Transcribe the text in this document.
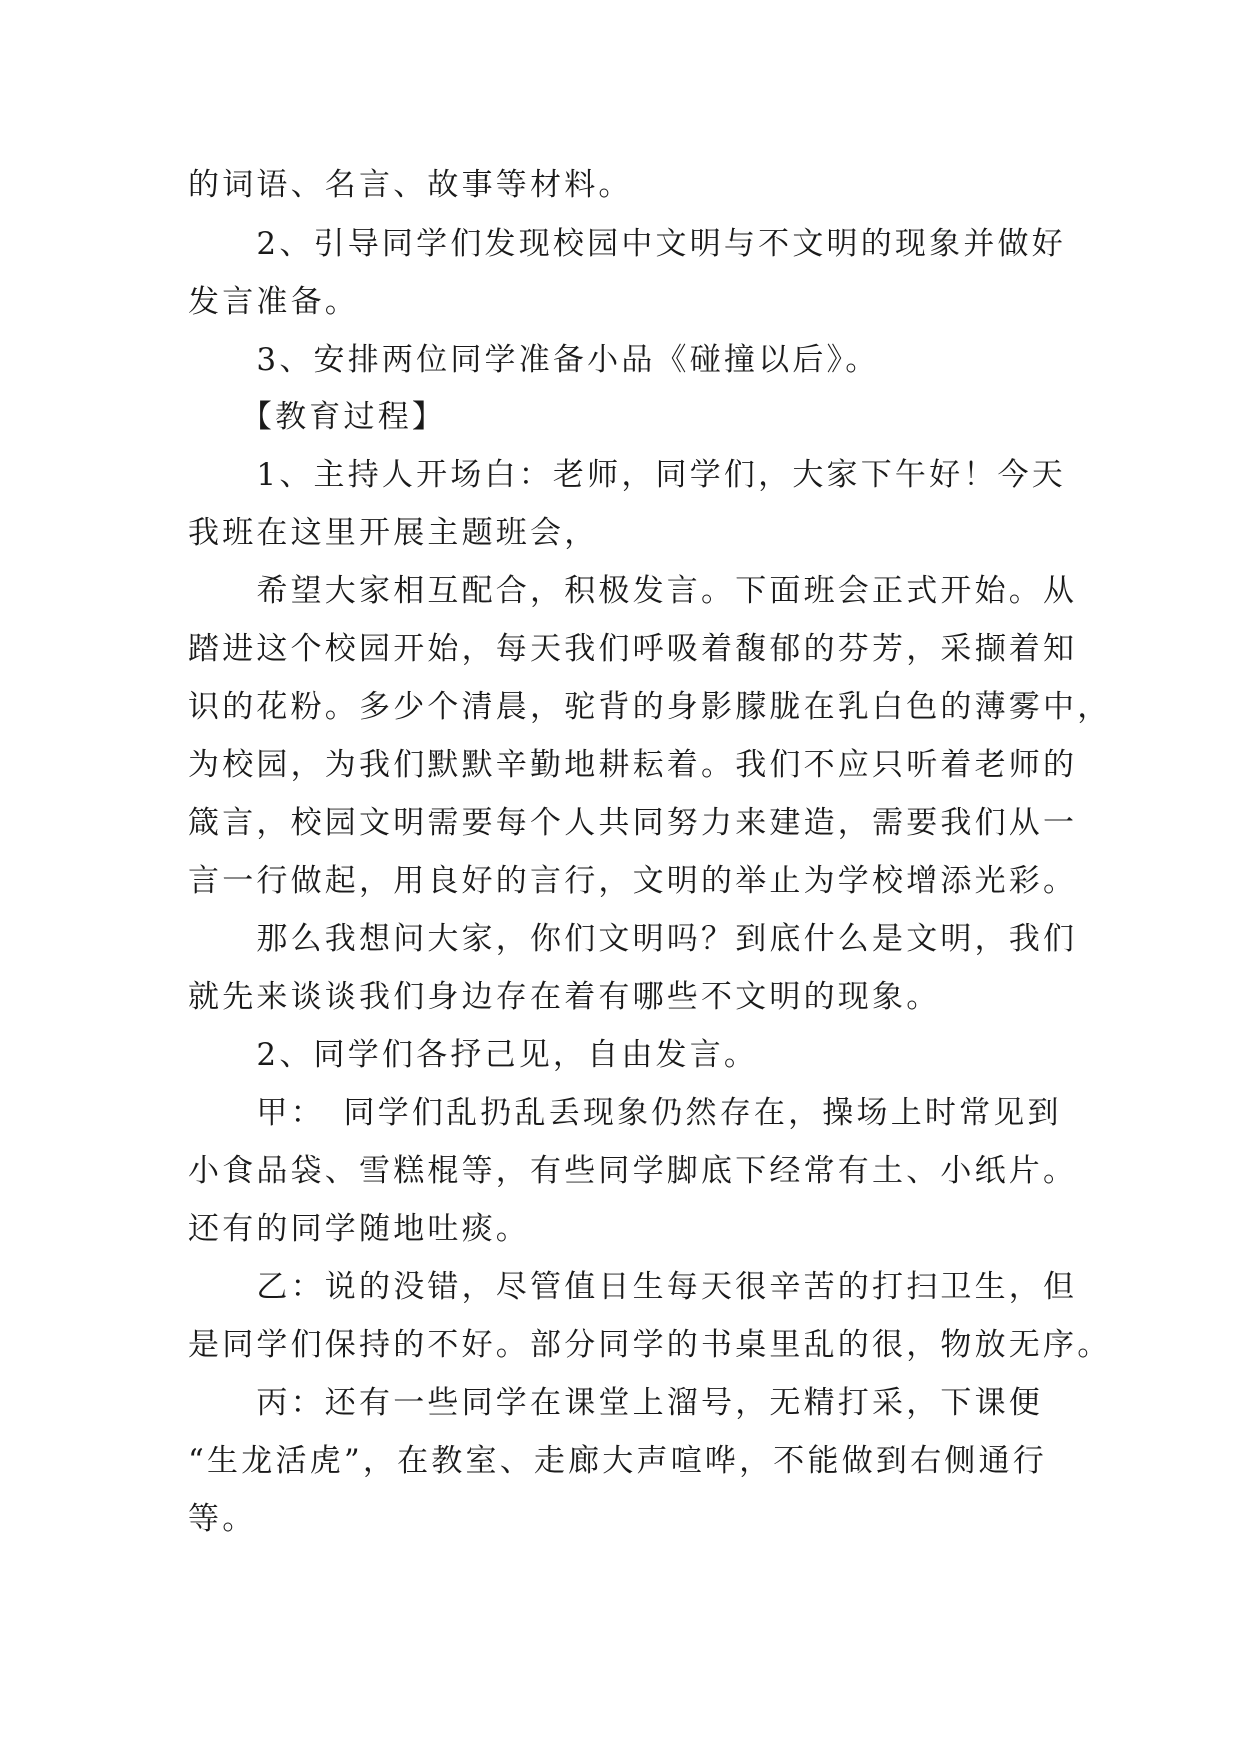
的词语、名言、故事等材料。
　　2、引导同学们发现校园中文明与不文明的现象并做好
发言准备。
　　3、安排两位同学准备小品《碰撞以后》。
　　【教育过程】
　　1、主持人开场白：老师，同学们，大家下午好！今天
我班在这里开展主题班会，
　　希望大家相互配合，积极发言。下面班会正式开始。从
踏进这个校园开始，每天我们呼吸着馥郁的芬芳，采撷着知
识的花粉。多少个清晨，驼背的身影朦胧在乳白色的薄雾中，
为校园，为我们默默辛勤地耕耘着。我们不应只听着老师的
箴言，校园文明需要每个人共同努力来建造，需要我们从一
言一行做起，用良好的言行，文明的举止为学校增添光彩。
　　那么我想问大家，你们文明吗？到底什么是文明，我们
就先来谈谈我们身边存在着有哪些不文明的现象。
　　2、同学们各抒己见，自由发言。
　　甲：　同学们乱扔乱丢现象仍然存在，操场上时常见到
小食品袋、雪糕棍等，有些同学脚底下经常有土、小纸片。
还有的同学随地吐痰。
　　乙：说的没错，尽管值日生每天很辛苦的打扫卫生，但
是同学们保持的不好。部分同学的书桌里乱的很，物放无序。
　　丙：还有一些同学在课堂上溜号，无精打采，下课便
“生龙活虎”，在教室、走廊大声喧哗，不能做到右侧通行
等。
